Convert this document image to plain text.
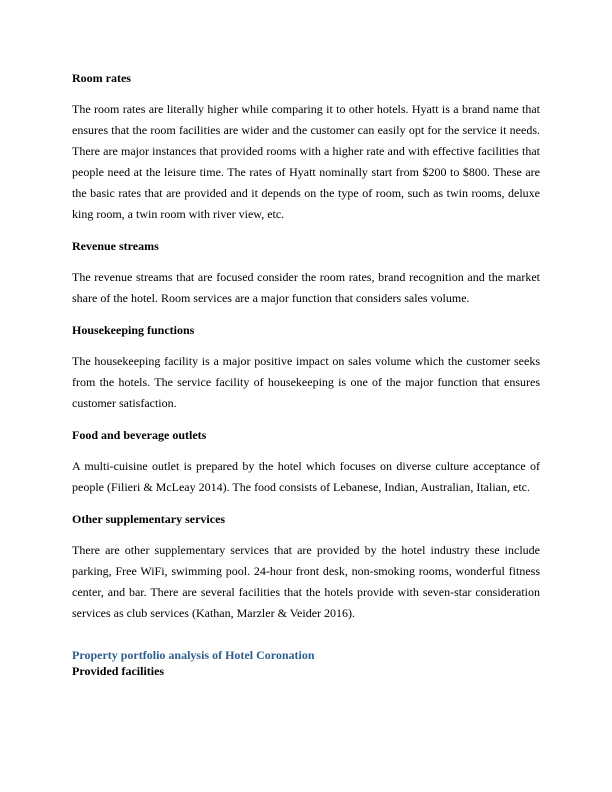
Room rates
The room rates are literally higher while comparing it to other hotels. Hyatt is a brand name that ensures that the room facilities are wider and the customer can easily opt for the service it needs. There are major instances that provided rooms with a higher rate and with effective facilities that people need at the leisure time. The rates of Hyatt nominally start from $200 to $800. These are the basic rates that are provided and it depends on the type of room, such as twin rooms, deluxe king room, a twin room with river view, etc.
Revenue streams
The revenue streams that are focused consider the room rates, brand recognition and the market share of the hotel. Room services are a major function that considers sales volume.
Housekeeping functions
The housekeeping facility is a major positive impact on sales volume which the customer seeks from the hotels. The service facility of housekeeping is one of the major function that ensures customer satisfaction.
Food and beverage outlets
A multi-cuisine outlet is prepared by the hotel which focuses on diverse culture acceptance of people (Filieri & McLeay 2014). The food consists of Lebanese, Indian, Australian, Italian, etc.
Other supplementary services
There are other supplementary services that are provided by the hotel industry these include parking, Free WiFi, swimming pool. 24-hour front desk, non-smoking rooms, wonderful fitness center, and bar. There are several facilities that the hotels provide with seven-star consideration services as club services (Kathan, Marzler & Veider 2016).
Property portfolio analysis of Hotel Coronation
Provided facilities
